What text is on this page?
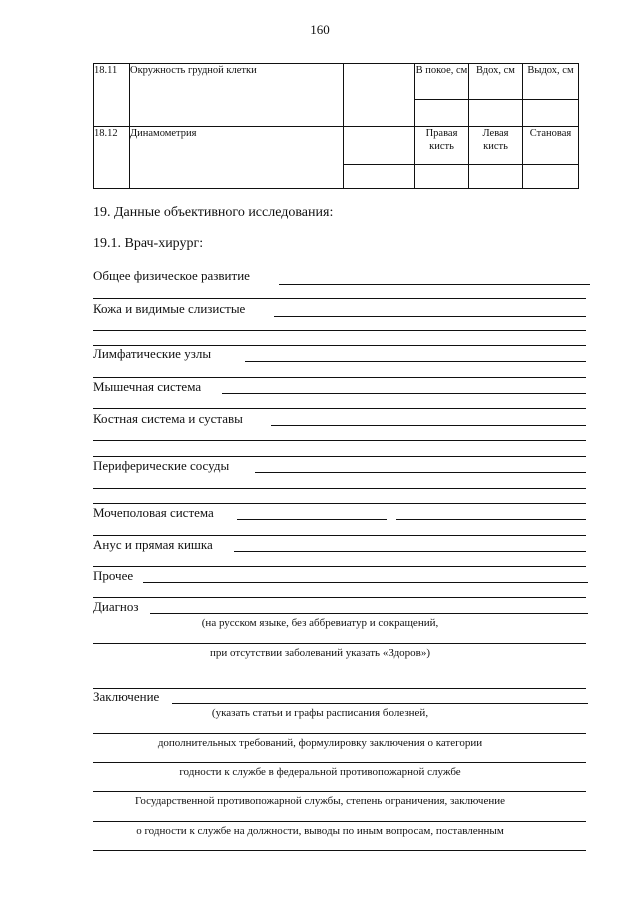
160
18.11	Окружность грудной клетки		В покое, см	Вдох, см	Выдох, см

18.12	Динамометрия		Правая кисть	Левая кисть	Становая

19. Данные объективного исследования:
19.1. Врач-хирург:
Общее физическое развитие
Кожа и видимые слизистые
Лимфатические узлы
Мышечная система
Костная система и суставы
Периферические сосуды
Мочеполовая система
Анус и прямая кишка
Прочее
Диагноз
(на русском языке, без аббревиатур и сокращений,
при отсутствии заболеваний указать «Здоров»)
Заключение
(указать статьи и графы расписания болезней,
дополнительных требований, формулировку заключения о категории
годности к службе в федеральной противопожарной службе
Государственной противопожарной службы, степень ограничения, заключение
о годности к службе на должности, выводы по иным вопросам, поставленным
